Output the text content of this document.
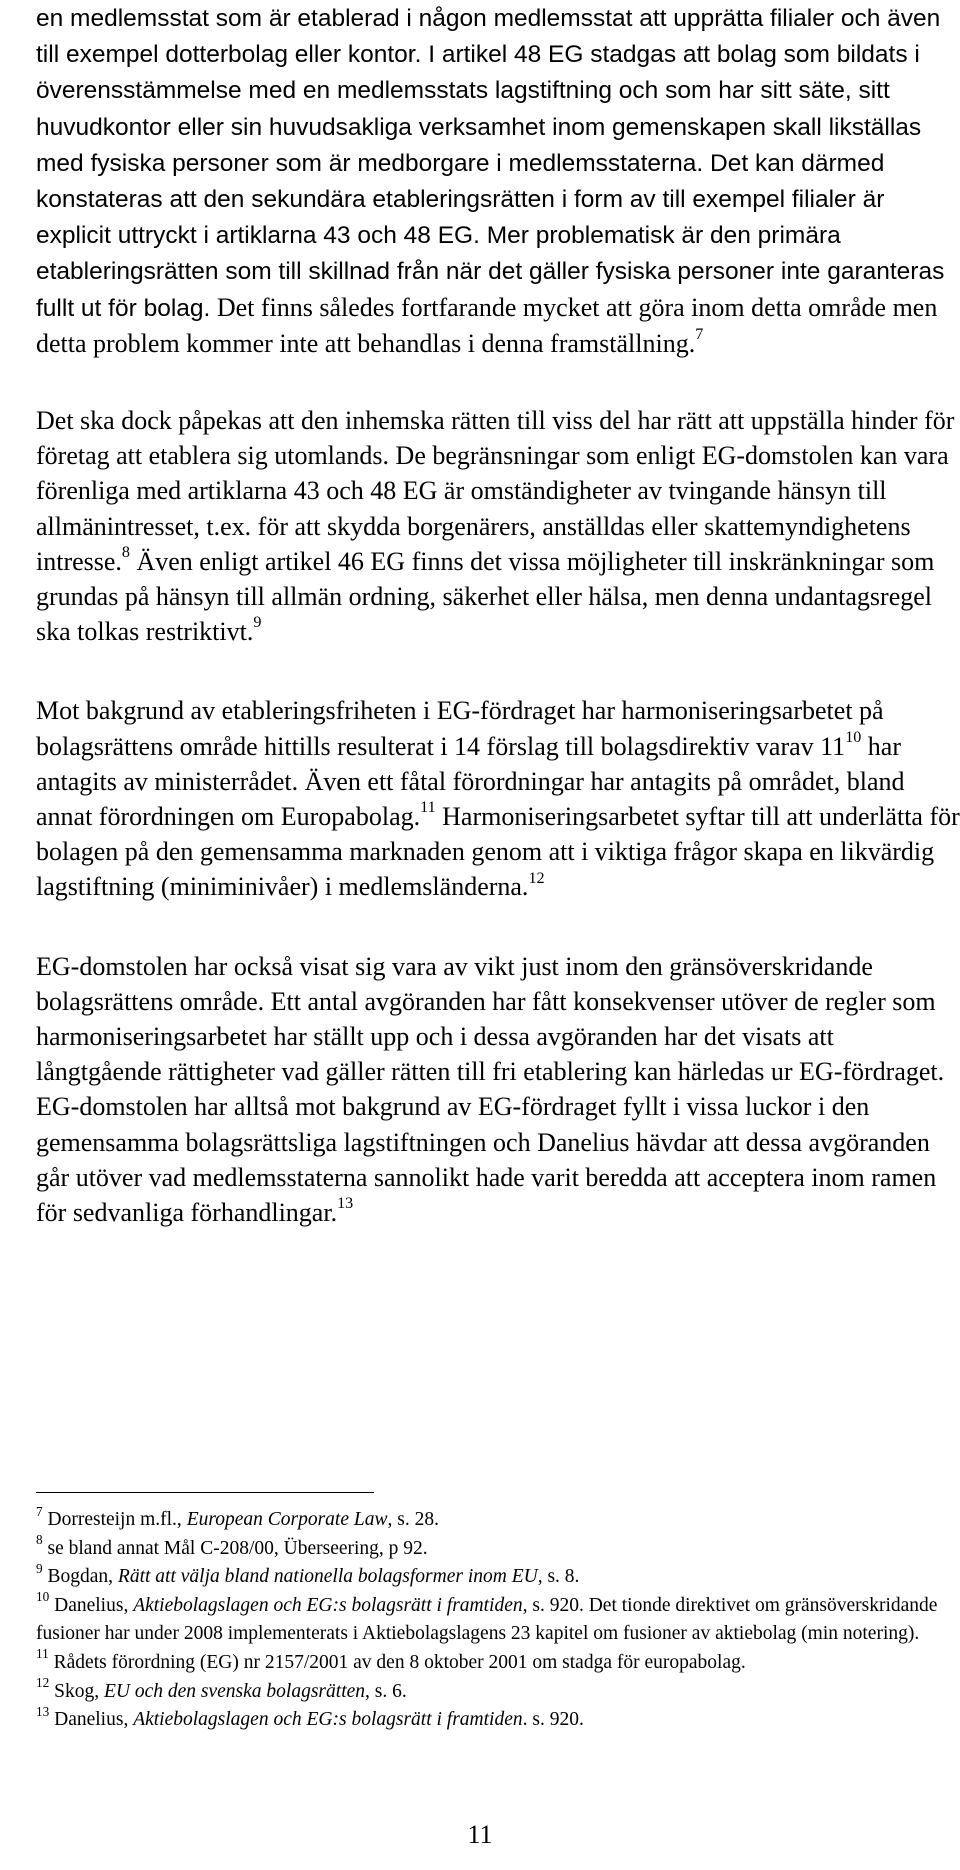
en medlemsstat som är etablerad i någon medlemsstat att upprätta filialer och även till exempel dotterbolag eller kontor. I artikel 48 EG stadgas att bolag som bildats i överensstämmelse med en medlemsstats lagstiftning och som har sitt säte, sitt huvudkontor eller sin huvudsakliga verksamhet inom gemenskapen skall likställas med fysiska personer som är medborgare i medlemsstaterna. Det kan därmed konstateras att den sekundära etableringsrätten i form av till exempel filialer är explicit uttryckt i artiklarna 43 och 48 EG. Mer problematisk är den primära etableringsrätten som till skillnad från när det gäller fysiska personer inte garanteras fullt ut för bolag. Det finns således fortfarande mycket att göra inom detta område men detta problem kommer inte att behandlas i denna framställning.$^7$

Det ska dock påpekas att den inhemska rätten till viss del har rätt att uppställa hinder för företag att etablera sig utomlands. De begränsningar som enligt EG-domstolen kan vara förenliga med artiklarna 43 och 48 EG är omständigheter av tvingande hänsyn till allmänintresset, t.ex. för att skydda borgenärers, anställdas eller skattemyndighetens intresse.$^8$ Även enligt artikel 46 EG finns det vissa möjligheter till inskränkningar som grundas på hänsyn till allmän ordning, säkerhet eller hälsa, men denna undantagsregel ska tolkas restriktivt.$^9$

Mot bakgrund av etableringsfriheten i EG-fördraget har harmoniseringsarbetet på bolagsrättens område hittills resulterat i 14 förslag till bolagsdirektiv varav $11^{10}$ har antagits av ministerrådet. Även ett fåtal förordningar har antagits på området, bland annat förordningen om Europabolag.$^{11}$ Harmoniseringsarbetet syftar till att underlätta för bolagen på den gemensamma marknaden genom att i viktiga frågor skapa en likvärdig lagstiftning (miniminivåer) i medlemsländerna.$^{12}$

EG-domstolen har också visat sig vara av vikt just inom den gränsöverskridande bolagsrättens område. Ett antal avgöranden har fått konsekvenser utöver de regler som harmoniseringsarbetet har ställt upp och i dessa avgöranden har det visats att långtgående rättigheter vad gäller rätten till fri etablering kan härledas ur EG-fördraget. EG-domstolen har alltså mot bakgrund av EG-fördraget fyllt i vissa luckor i den gemensamma bolagsrättsliga lagstiftningen och Danelius hävdar att dessa avgöranden går utöver vad medlemsstaterna sannolikt hade varit beredda att acceptera inom ramen för sedvanliga förhandlingar.$^{13}$

$^7$ Dorresteijn m.fl., European Corporate Law, s. 28.

$^8$ se bland annat Mål C-208/00, Überseering, p 92.

$^9$ Bogdan, Rätt att välja bland nationella bolagsformer inom EU, s. 8.

$^{10}$ Danelius, Aktiebolagslagen och EG:s bolagsrätt i framtiden, s. 920. Det tionde direktivet om gränsöverskridande fusioner har under 2008 implementerats i Aktiebolagslagens 23 kapitel om fusioner av aktiebolag (min notering).

$^{11}$ Rådets förordning (EG) nr 2157/2001 av den 8 oktober 2001 om stadga för europabolag.

$^{12}$ Skog, EU och den svenska bolagsrätten, s. 6.

$^{13}$ Danelius, Aktiebolagslagen och EG:s bolagsrätt i framtiden. s. 920.

11
